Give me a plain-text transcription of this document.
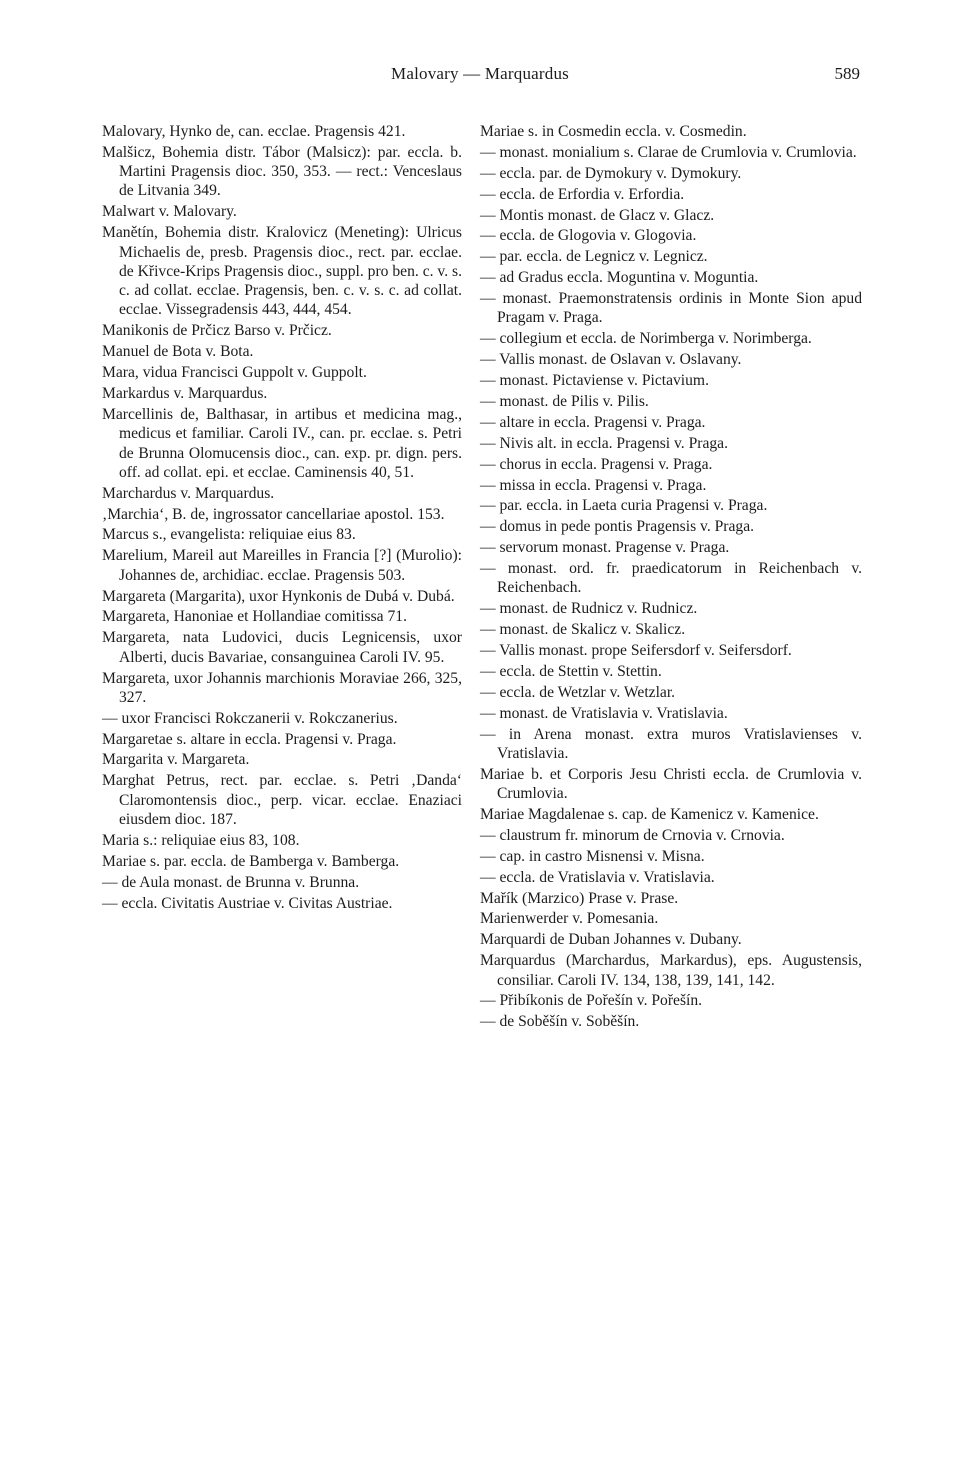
Malovary — Marquardus	589

Malovary, Hynko de, can. ecclae. Pragensis 421.

Malšicz, Bohemia distr. Tábor (Malsicz): par. eccla. b. Martini Pragensis dioc. 350, 353. — rect.: Venceslaus de Litvania 349.

Malwart v. Malovary.

Manětín, Bohemia distr. Kralovicz (Meneting): Ulricus Michaelis de, presb. Pragensis dioc., rect. par. ecclae. de Křivce-Krips Pragensis dioc., suppl. pro ben. c. v. s. c. ad collat. ecclae. Pragensis, ben. c. v. s. c. ad collat. ecclae. Vissegradensis 443, 444, 454.

Manikonis de Prčicz Barso v. Prčicz.

Manuel de Bota v. Bota.

Mara, vidua Francisci Guppolt v. Guppolt.

Markardus v. Marquardus.

Marcellinis de, Balthasar, in artibus et medicina mag., medicus et familiar. Caroli IV., can. pr. ecclae. s. Petri de Brunna Olomucensis dioc., can. exp. pr. dign. pers. off. ad collat. epi. et ecclae. Caminensis 40, 51.

Marchardus v. Marquardus.

‚Marchia‘, B. de, ingrossator cancellariae apostol. 153.

Marcus s., evangelista: reliquiae eius 83.

Marelium, Mareil aut Mareilles in Francia [?] (Murolio): Johannes de, archidiac. ecclae. Pragensis 503.

Margareta (Margarita), uxor Hynkonis de Dubá v. Dubá.

Margareta, Hanoniae et Hollandiae comitissa 71.

Margareta, nata Ludovici, ducis Legnicensis, uxor Alberti, ducis Bavariae, consanguinea Caroli IV. 95.

Margareta, uxor Johannis marchionis Moraviae 266, 325, 327.

— uxor Francisci Rokczanerii v. Rokczanerius.

Margaretae s. altare in eccla. Pragensi v. Praga.

Margarita v. Margareta.

Marghat Petrus, rect. par. ecclae. s. Petri ‚Danda‘ Claromontensis dioc., perp. vicar. ecclae. Enaziaci eiusdem dioc. 187.

Maria s.: reliquiae eius 83, 108.

Mariae s. par. eccla. de Bamberga v. Bamberga.

— de Aula monast. de Brunna v. Brunna.

— eccla. Civitatis Austriae v. Civitas Austriae.

Mariae s. in Cosmedin eccla. v. Cosmedin.

— monast. monialium s. Clarae de Crumlovia v. Crumlovia.

— eccla. par. de Dymokury v. Dymokury.

— eccla. de Erfordia v. Erfordia.

— Montis monast. de Glacz v. Glacz.

— eccla. de Glogovia v. Glogovia.

— par. eccla. de Legnicz v. Legnicz.

— ad Gradus eccla. Moguntina v. Moguntia.

— monast. Praemonstratensis ordinis in Monte Sion apud Pragam v. Praga.

— collegium et eccla. de Norimberga v. Norimberga.

— Vallis monast. de Oslavan v. Oslavany.

— monast. Pictaviense v. Pictavium.

— monast. de Pilis v. Pilis.

— altare in eccla. Pragensi v. Praga.

— Nivis alt. in eccla. Pragensi v. Praga.

— chorus in eccla. Pragensi v. Praga.

— missa in eccla. Pragensi v. Praga.

— par. eccla. in Laeta curia Pragensi v. Praga.

— domus in pede pontis Pragensis v. Praga.

— servorum monast. Pragense v. Praga.

— monast. ord. fr. praedicatorum in Reichenbach v. Reichenbach.

— monast. de Rudnicz v. Rudnicz.

— monast. de Skalicz v. Skalicz.

— Vallis monast. prope Seifersdorf v. Seifersdorf.

— eccla. de Stettin v. Stettin.

— eccla. de Wetzlar v. Wetzlar.

— monast. de Vratislavia v. Vratislavia.

— in Arena monast. extra muros Vratislavienses v. Vratislavia.

Mariae b. et Corporis Jesu Christi eccla. de Crumlovia v. Crumlovia.

Mariae Magdalenae s. cap. de Kamenicz v. Kamenice.

— claustrum fr. minorum de Crnovia v. Crnovia.

— cap. in castro Misnensi v. Misna.

— eccla. de Vratislavia v. Vratislavia.

Mařík (Marzico) Prase v. Prase.

Marienwerder v. Pomesania.

Marquardi de Duban Johannes v. Dubany.

Marquardus (Marchardus, Markardus), eps. Augustensis, consiliar. Caroli IV. 134, 138, 139, 141, 142.

— Přibíkonis de Pořešín v. Pořešín.

— de Soběšín v. Soběšín.
